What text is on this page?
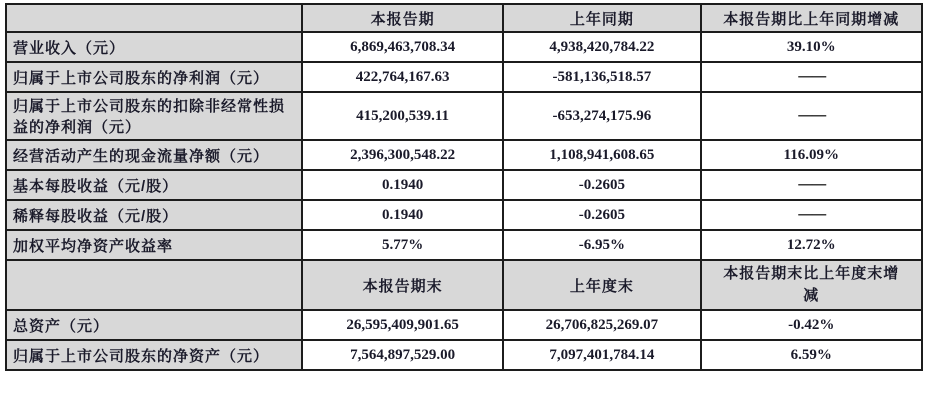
	本报告期	上年同期	本报告期比上年同期增减
营业收入（元）	6,869,463,708.34	4,938,420,784.22	39.10%
归属于上市公司股东的净利润（元）	422,764,167.63	-581,136,518.57	——
归属于上市公司股东的扣除非经常性损益的净利润（元）	415,200,539.11	-653,274,175.96	——
经营活动产生的现金流量净额（元）	2,396,300,548.22	1,108,941,608.65	116.09%
基本每股收益（元/股）	0.1940	-0.2605	——
稀释每股收益（元/股）	0.1940	-0.2605	——
加权平均净资产收益率	5.77%	-6.95%	12.72%
	本报告期末	上年度末	本报告期末比上年度末增减
总资产（元）	26,595,409,901.65	26,706,825,269.07	-0.42%
归属于上市公司股东的净资产（元）	7,564,897,529.00	7,097,401,784.14	6.59%
